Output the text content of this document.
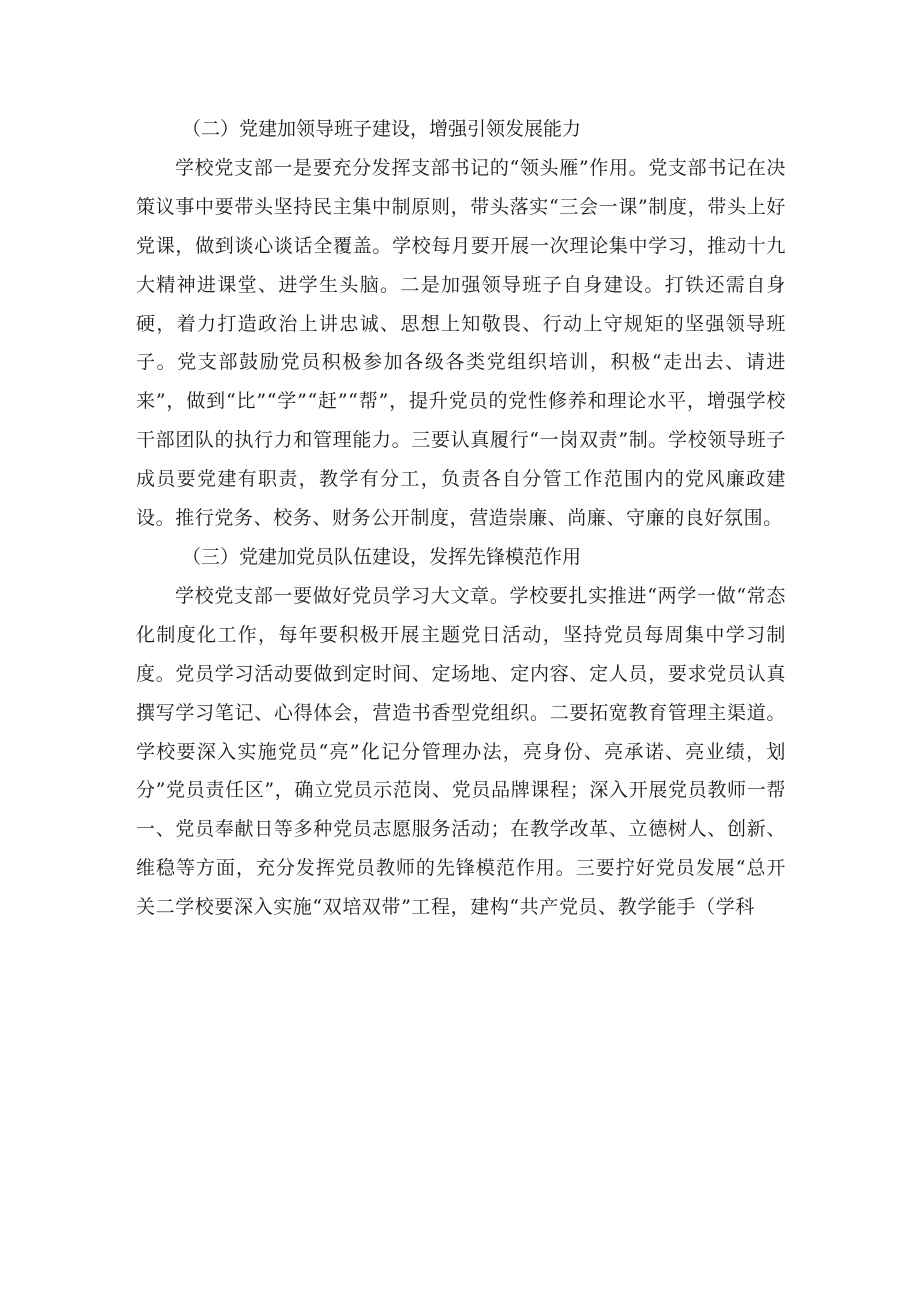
（二）党建加领导班子建设，增强引领发展能力

学校党支部一是要充分发挥支部书记的“领头雁”作用。党支部书记在决策议事中要带头坚持民主集中制原则，带头落实“三会一课”制度，带头上好党课，做到谈心谈话全覆盖。学校每月要开展一次理论集中学习，推动十九大精神进课堂、进学生头脑。二是加强领导班子自身建设。打铁还需自身硬，着力打造政治上讲忠诚、思想上知敬畏、行动上守规矩的坚强领导班子。党支部鼓励党员积极参加各级各类党组织培训，积极“走出去、请进来”，做到“比”“学”“赶”“帮”，提升党员的党性修养和理论水平，增强学校干部团队的执行力和管理能力。三要认真履行“一岗双责”制。学校领导班子成员要党建有职责，教学有分工，负责各自分管工作范围内的党风廉政建设。推行党务、校务、财务公开制度，营造崇廉、尚廉、守廉的良好氛围。

（三）党建加党员队伍建设，发挥先锋模范作用

学校党支部一要做好党员学习大文章。学校要扎实推进“两学一做“常态化制度化工作，每年要积极开展主题党日活动，坚持党员每周集中学习制度。党员学习活动要做到定时间、定场地、定内容、定人员，要求党员认真撰写学习笔记、心得体会，营造书香型党组织。二要拓宽教育管理主渠道。学校要深入实施党员“亮”化记分管理办法，亮身份、亮承诺、亮业绩，划分”党员责任区”，确立党员示范岗、党员品牌课程；深入开展党员教师一帮一、党员奉献日等多种党员志愿服务活动；在教学改革、立德树人、创新、维稳等方面，充分发挥党员教师的先锋模范作用。三要拧好党员发展“总开关二学校要深入实施“双培双带”工程，建构“共产党员、教学能手（学科
